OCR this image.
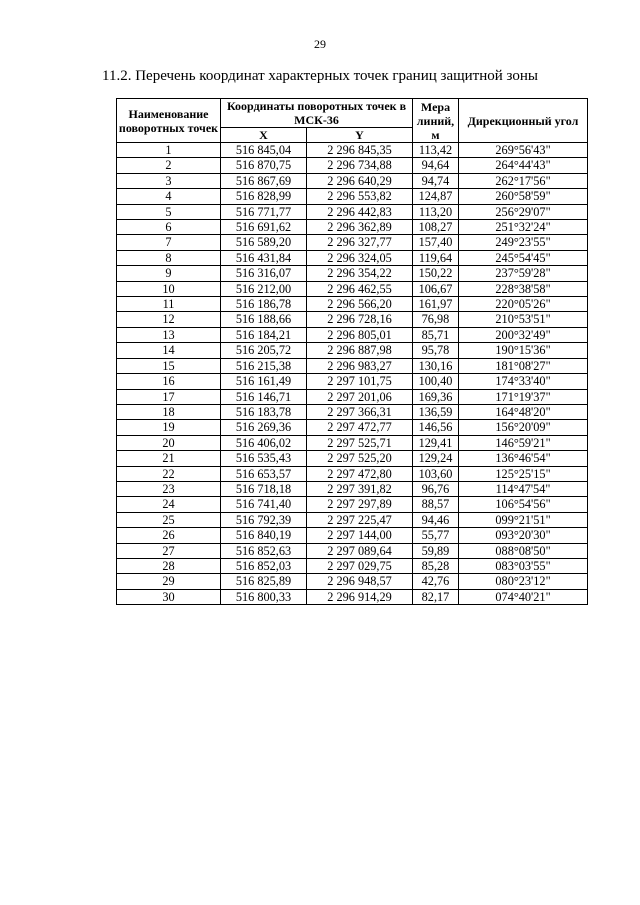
29
11.2. Перечень координат характерных точек границ защитной зоны
Наименование поворотных точек	Координаты поворотных точек в МСК-36		Мера линий, м	Дирекционный угол
	X	Y		
1	516 845,04	2 296 845,35	113,42	269°56'43"
2	516 870,75	2 296 734,88	94,64	264°44'43"
3	516 867,69	2 296 640,29	94,74	262°17'56"
4	516 828,99	2 296 553,82	124,87	260°58'59"
5	516 771,77	2 296 442,83	113,20	256°29'07"
6	516 691,62	2 296 362,89	108,27	251°32'24"
7	516 589,20	2 296 327,77	157,40	249°23'55"
8	516 431,84	2 296 324,05	119,64	245°54'45"
9	516 316,07	2 296 354,22	150,22	237°59'28"
10	516 212,00	2 296 462,55	106,67	228°38'58"
11	516 186,78	2 296 566,20	161,97	220°05'26"
12	516 188,66	2 296 728,16	76,98	210°53'51"
13	516 184,21	2 296 805,01	85,71	200°32'49"
14	516 205,72	2 296 887,98	95,78	190°15'36"
15	516 215,38	2 296 983,27	130,16	181°08'27"
16	516 161,49	2 297 101,75	100,40	174°33'40"
17	516 146,71	2 297 201,06	169,36	171°19'37"
18	516 183,78	2 297 366,31	136,59	164°48'20"
19	516 269,36	2 297 472,77	146,56	156°20'09"
20	516 406,02	2 297 525,71	129,41	146°59'21"
21	516 535,43	2 297 525,20	129,24	136°46'54"
22	516 653,57	2 297 472,80	103,60	125°25'15"
23	516 718,18	2 297 391,82	96,76	114°47'54"
24	516 741,40	2 297 297,89	88,57	106°54'56"
25	516 792,39	2 297 225,47	94,46	099°21'51"
26	516 840,19	2 297 144,00	55,77	093°20'30"
27	516 852,63	2 297 089,64	59,89	088°08'50"
28	516 852,03	2 297 029,75	85,28	083°03'55"
29	516 825,89	2 296 948,57	42,76	080°23'12"
30	516 800,33	2 296 914,29	82,17	074°40'21"
